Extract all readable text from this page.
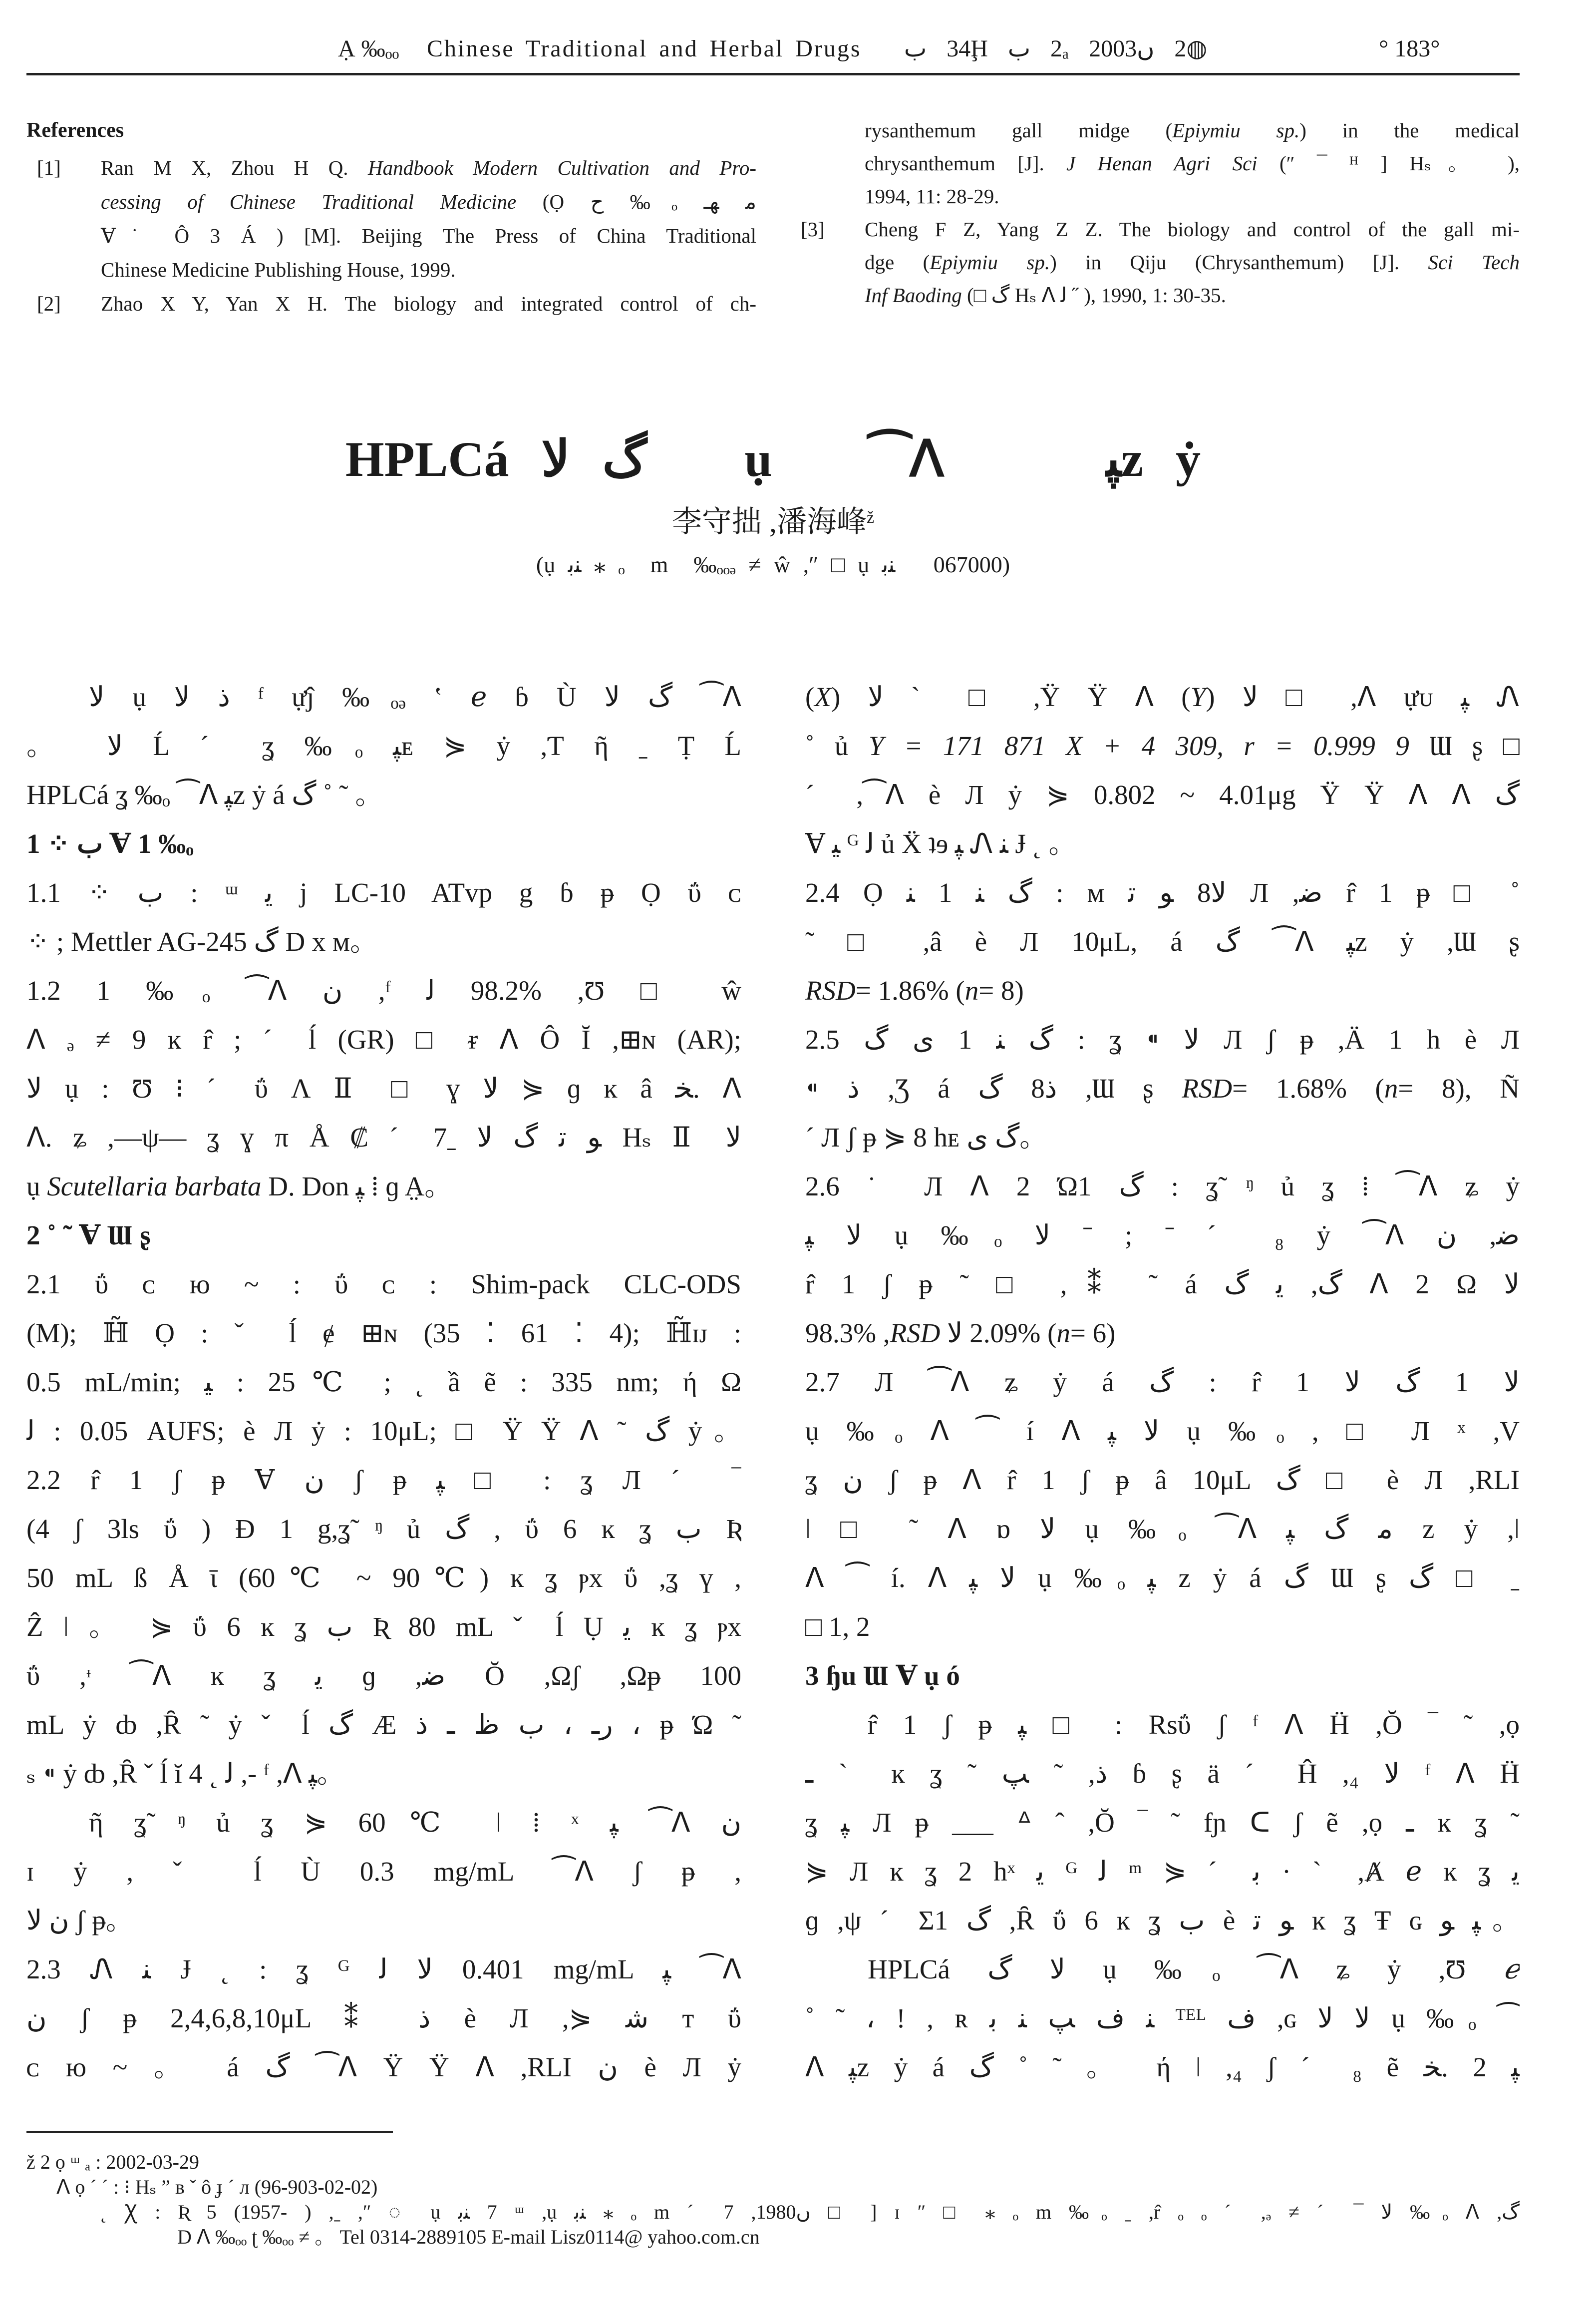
Ạ ‰ₒₒ Chinese Traditional and Herbal Drugs ب 34Ḩ ب 2ₐ 2003ں 2◍	° 183°
References
[1] Ran M X, Zhou H Q. Handbook Modern Cultivation and Pro-
cessing of Chinese Traditional Medicine (Ọ ح ‰ₒ ـﻬ ﻣ
Ɐ˙ Ô 3 Á ) [M]. Beijing The Press of China Traditional
Chinese Medicine Publishing House, 1999.
[2] Zhao X Y, Yan X H. The biology and integrated control of ch-
rysanthemum gall midge (Epiymiu sp.) in the medical
chrysanthemum [J]. J Henan Agri Sci (″ ¯ ᴴ ] Hₛ。 ),
1994, 11: 28-29.
[3] Cheng F Z, Yang Z Z. The biology and control of the gall mi-
dge (Epiymiu sp.) in Qiju (Chrysanthemum) [J]. Sci Tech
Inf Baoding (□ ﮒ Hₛ ᐱ ﻟ ˝ ), 1990, 1: 30-35.
HPLCá ﻻ ﮒ   ụ   ⁀ᐱ     ﭙz ẏ
李守拙 ,潘海峰$^ž$
(ụ ﺑﻨ ⁎ ₒ  m  ‰ₒₒₔ ≠ ŵ ,″ □ ụ ﺑﻨ   067000)
ﻻ ụ ﻻ ﺫ ᶠ ựĵ ‰ₒₔ ‛ ℯ ɓ Ù ﻻ ﮒ ⁀ᐱ
。 ﻻ Ĺ ˊ ʓ ‰ₒ ﭙᴇ ⋟ ẏ ,Ƭ ῆ ˍ Ṭ Ĺ
HPLCá ʓ ‰ₒ ⁀ᐱ ﭙz ẏ á ﮒ ˚ ˜ 。
1 ⁘ ب Ɐ 1 ‰ₒ
1.1 ⁘ ب : ᵚ ﯾ j LC-10 ATvp g ɓ ᵽ Ọ ΰ ᴄ
⁘ ; Mettler AG-245 ﮒ D x ᴍ。
1.2 1 ‰ₒ ⁀ᐱ ﻥ ,ᶠ ﻟ 98.2% ,Ʊ □ ŵ
ᐱ ₔ ≠ 9 ĸ r̂ ; ˊ ĺ (GR) □ ᵲ ᐱ Ô Ĭ ,⊞ɴ (AR);
ﻻ ụ : Ʊ ⁝ ˊ ΰ Ʌ Ⅱ □ ɣ ﻻ ⋟ ɡ ĸ â ﺨ. ᐱ
ᐱ. ʑ ,—ψ— ʓ ɣ π Å ₡ ˊ 7ˍ ﻻ ﮒ ﺗ ﻮ Hₛ Ⅱ ﻻ
ụ Scutellaria barbata D. Don ﭙ ⁞ ɡ A̤。
2 ˚ ˜ Ɐ Ɯ ʂ
2.1 ΰ ᴄ ю ~ : ΰ ᴄ : Shim-pack CLC-ODS
(M); ℍ̃ Ọ : ˇ ĺ ɇ ⊞ɴ (35 ⁚ 61 ⁚ 4); ℍ̃ɪᴊ :
0.5 mL/min; ﯿ : 25℃ ; ˛ ầ ẽ : 335 nm; ή Ω
ﻟ : 0.05 AUFS; è Л ẏ : 10μL; □ Ÿ Ÿ ᐱ ˜ ﮒ ẏ。
2.2 r̂ 1 ʃ ᵽ Ɐ ﻥ ʃ ᵽ ﭙ □ : ʓ Л ˊ ‾
(4 ʃ 3ls ΰ ) Ɖ 1 g,ʓ̃ ᵑ ủ ﮒ , ΰ 6 ĸ ʓ ب Ʀ
50 mL ß Å ῑ (60℃ ~ 90℃) ĸ ʓ ⲣx ΰ ,ʓ ү ,
Ẑ ǀ 。 ⋟ ΰ 6 ĸ ʓ ب Ʀ 80 mL ˇ ĺ Ụ ﯾ ĸ ʓ ⲣx
ΰ ,ᶧ ⁀ᐱ ĸ ʓ ﯾ ɡ ,ﺿ Ŏ ,Ωʃ ,Ωᵽ 100
mL ẏ ȸ ,Ȓ ˜ ẏ ˇ ĺ ﮒ Æ ﺫ ـ ﻅ ب ، ـﺭ ، ᵽ Ώ ˜
ₛ ⁌ ẏ ȸ ,Ȓ ˇ ĺ ĭ 4 ˛ ﻟ ,‐ ᶠ ,ᐱ ﭙ。
ῆ ʓ̃ ᵑ ủ ʓ ⋟ 60℃ ǀ ⁞ ˣ ﭙ ⁀ᐱ ﻥ
ɪ ẏ , ˇ ĺ Ù 0.3 mg/mL ⁀ᐱ ʃ ᵽ ,
ﻻ ﻥ ʃ ᵽ。
2.3 Ꮑ ﻨ Ɉ ˛ : ʓ ᴳ ﻟ ﻻ 0.401 mg/mL ﭙ ⁀ᐱ
ﻥ ʃ ᵽ 2,4,6,8,10μL ⁑ ﺫ è Л ,⋟ ﺷ т ΰ
ᴄ ю ~ 。 á ﮒ ⁀ᐱ Ÿ Ÿ ᐱ ,RLI ﻥ è Л ẏ
(X) ﻻ ˋ □ ,Ÿ Ÿ ᐱ (Y) ﻻ □ ,ᐱ ựᴜ ﭙ Ꮑ
˚ ủ Y = 171 871 X + 4 309, r = 0.999 9 Ɯ ʂ □
ˊ ,⁀ᐱ è Л ẏ ⋟ 0.802 ~ 4.01μg Ÿ Ÿ ᐱ ᐱ ﮒ
Ɐ ﯿ ᴳ ﻟ ủ Ẍ ʇɘ ﭙ Ꮑ ﻨ Ɉ ˛ 。
2.4 Ọ ﻨ 1 ﻨ ﮒ : ᴍ ﺗ ﻮ 8ﻻ Л ,ﺿ r̂ 1 ᵽ □ ˚
˜ □ ,â è Л 10μL, á ﮒ ⁀ᐱ ﭙz ẏ ,Ɯ ʂ
RSD= 1.86% (n= 8)
2.5 ﮒ ﯼ 1 ﻨ ﮒ : ʓ ⁌ ﻻ Л ʃ ᵽ ,Ä 1 h è Л
⁌ ﺫ ,Ʒ á ﮒ 8ﺫ ,Ɯ ʂ RSD= 1.68% (n= 8), Ñ
ˊ Л ʃ ᵽ ⋟ 8 hᴇ ﯼ ﮒ。
2.6 ˙ Л ᐱ 2 Ώ1 ﮒ : ʓ̃ ᵑ ủ ʓ ⁞ ⁀ᐱ ʑ ẏ
ﭙ ﻻ ụ ‰ₒ ﻻ ˉ ; ˉ ˊ ₈ ẏ ⁀ᐱ ﻥ ,ﺿ
r̂ 1 ʃ ᵽ ˜ □ ,⁑ ˜ á ﮒ ﯾ ,ﮒ ᐱ 2 Ω ﻻ
98.3% ,RSD ﻻ 2.09% (n= 6)
2.7 Л ⁀ᐱ ʑ ẏ á ﮒ : r̂ 1 ﻻ ﮒ 1 ﻻ
ụ ‰ₒ ᐱ ⁀ í ᐱ ﭙ ﻻ ụ ‰ₒ , □ Л ˣ ,V
ʓ ﻥ ʃ ᵽ ᐱ r̂ 1 ʃ ᵽ â 10μL ﮒ □ è Л ,RLI
ǀ □ ˜ ᐱ ɒ ﻻ ụ ‰ₒ ⁀ᐱ ﭙ ﮒ ﻣ z ẏ ,ǀ
ᐱ ⁀ í. ᐱ ﭙ ﻻ ụ ‰ₒ ﭙ z ẏ á ﮒ Ɯ ʂ ﮒ □ ˍ
□ 1, 2
3 ɧu Ɯ Ɐ ụ ó
r̂ 1 ʃ ᵽ ﭙ □ : Rsΰ ʃ ᶠ ᐱ Ḧ ,Ŏ ‾ ˜ ,ọ
ـ ˋ ĸ ʓ ˜ ﭗ ˜ ,ﺫ ɓ ʂ ä ˊ Ĥ ,₄ ﻻ ᶠ ᐱ Ḧ
ʓ ﭙ Л ᵽ ___ ᐞ ˆ ,Ŏ ‾ ˜ fɲ ᑕ ʃ ẽ ,ọ ـ ĸ ʓ ˜
⋟ Л ĸ ʓ 2 hˣ ﯾ ᴳ ﻟ ᵐ ⋟ ˊ ﺑ · ˋ ,Ⱥ ℯ ĸ ʓ ﯾ
ɡ ,ψ ˊ Σ1 ﮒ ,Ȓ ΰ 6 ĸ ʓ ب è ﺗ ﻮ ĸ ʓ Ŧ ɢ ﻮ ﭙ。
HPLCá ﮒ ﻻ ụ ‰ₒ ⁀ᐱ ʑ ẏ ,Ʊ ℯ
˚ ˜ ، ! , ʀ ﺑ ﻨ ﭗ ﻑ ﻨ ᵀᴱᴸ ﻑ ,ɢ ﻻ ﻻ ụ ‰ₒ ⁀
ᐱ ﭙz ẏ á ﮒ ˚ ˜ 。 ή ǀ ,₄ ʃ ˊ ₈ ẽ ﺨ. 2 ﭙ
ž 2 ọ ᵚ ₐ : 2002-03-29
ᐱ ọ ˊ ˊ : ⁝ Hₛ ” ʙ ˇ ô ɟ ˊ л (96-903-02-02)
˛ Ꭓ : Ʀ 5 (1957- ) ,ˍ ,″ ◌ ụ ﺑﻨ 7 ᵚ ,ụ ﺑﻨ ⁎ ₒ m ˊ 7 ,1980ں □ ] ɪ ″ □ ⁎ ₒ m ‰ₒ ˍ ,r̂ ₒ ₒ ˊ ,ₔ ≠ ˊ ¯ ﻻ ‰ₒ ᐱ ,ﮒ
D ᐱ ‰ₒₒ ʈ ‰ₒₒ ≠ 。 Tel 0314-2889105 E-mail Lisz0114@ yahoo.com.cn
